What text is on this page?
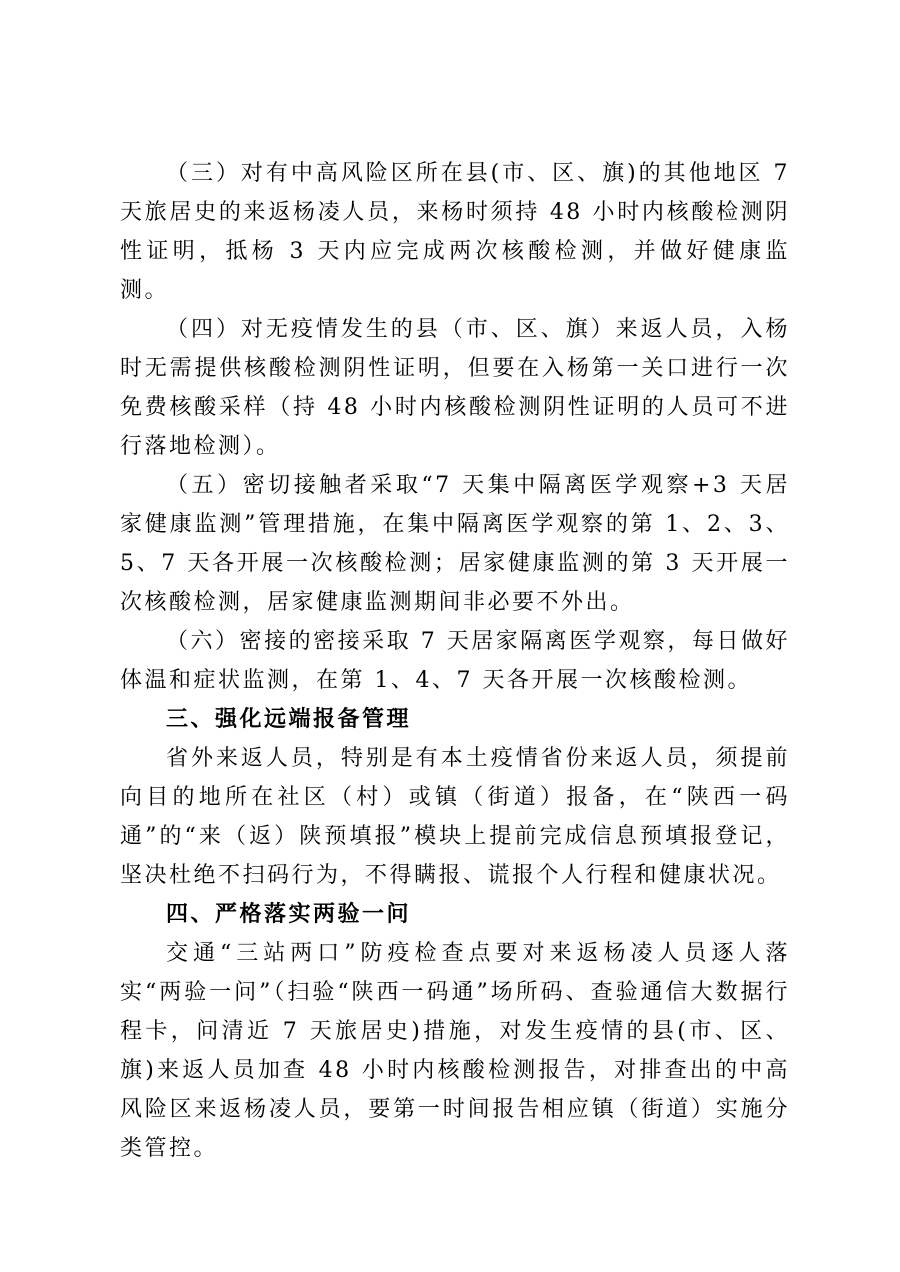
（三）对有中高风险区所在县(市、区、旗)的其他地区 7 天旅居史的来返杨凌人员，来杨时须持 48 小时内核酸检测阴性证明，抵杨 3 天内应完成两次核酸检测，并做好健康监测。

（四）对无疫情发生的县（市、区、旗）来返人员，入杨时无需提供核酸检测阴性证明，但要在入杨第一关口进行一次免费核酸采样（持 48 小时内核酸检测阴性证明的人员可不进行落地检测）。

（五）密切接触者采取“7 天集中隔离医学观察+3 天居家健康监测”管理措施，在集中隔离医学观察的第 1、2、3、5、7 天各开展一次核酸检测；居家健康监测的第 3 天开展一次核酸检测，居家健康监测期间非必要不外出。

（六）密接的密接采取 7 天居家隔离医学观察，每日做好体温和症状监测，在第 1、4、7 天各开展一次核酸检测。

三、强化远端报备管理

省外来返人员，特别是有本土疫情省份来返人员，须提前向目的地所在社区（村）或镇（街道）报备，在“陕西一码通”的“来（返）陕预填报”模块上提前完成信息预填报登记，坚决杜绝不扫码行为，不得瞒报、谎报个人行程和健康状况。

四、严格落实两验一问

交通“三站两口”防疫检查点要对来返杨凌人员逐人落实“两验一问”（扫验“陕西一码通”场所码、查验通信大数据行程卡，问清近 7 天旅居史)措施，对发生疫情的县(市、区、旗)来返人员加查 48 小时内核酸检测报告，对排查出的中高风险区来返杨凌人员，要第一时间报告相应镇（街道）实施分类管控。
